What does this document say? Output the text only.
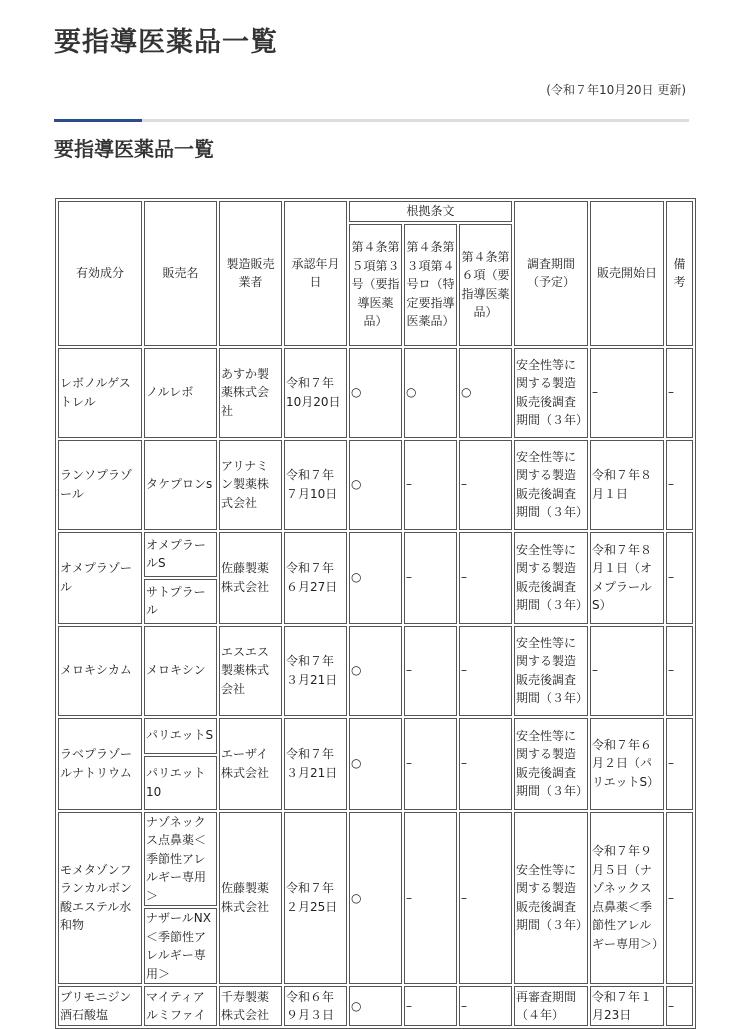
要指導医薬品一覧
(令和７年10月20日 更新)
要指導医薬品一覧
有効成分	販売名	製造販売業者	承認年月日	根拠条文			調査期間（予定）	販売開始日	備考
				第４条第５項第３号（要指導医薬品）	第４条第３項第４号ロ（特定要指導医薬品）	第４条第６項（要指導医薬品）			
レボノルゲストレル	ノルレボ	あすか製薬株式会社	令和７年10月20日	○	○	○	安全性等に関する製造販売後調査期間（３年）	–	–
ランソプラゾール	タケプロンs	アリナミン製薬株式会社	令和７年７月10日	○	–	–	安全性等に関する製造販売後調査期間（３年）	令和７年８月１日	–
オメプラゾール	オメプラールS	佐藤製薬株式会社	令和７年６月27日	○	–	–	安全性等に関する製造販売後調査期間（３年）	令和７年８月１日（オメプラールS）	–
	サトプラール								
メロキシカム	メロキシン	エスエス製薬株式会社	令和７年３月21日	○	–	–	安全性等に関する製造販売後調査期間（３年）	–	–
ラベプラゾールナトリウム	パリエットS	エーザイ株式会社	令和７年３月21日	○	–	–	安全性等に関する製造販売後調査期間（３年）	令和７年６月２日（パリエットS）	–
	パリエット10								
モメタゾンフランカルボン酸エステル水和物	ナゾネックス点鼻薬＜季節性アレルギー専用＞	佐藤製薬株式会社	令和７年２月25日	○	–	–	安全性等に関する製造販売後調査期間（３年）	令和７年９月５日（ナゾネックス点鼻薬＜季節性アレルギー専用＞）	–
	ナザールNX＜季節性アレルギー専用＞								
ブリモニジン酒石酸塩	マイティアルミファイ	千寿製薬株式会社	令和６年９月３日	○	–	–	再審査期間（４年）	令和７年１月23日	–
